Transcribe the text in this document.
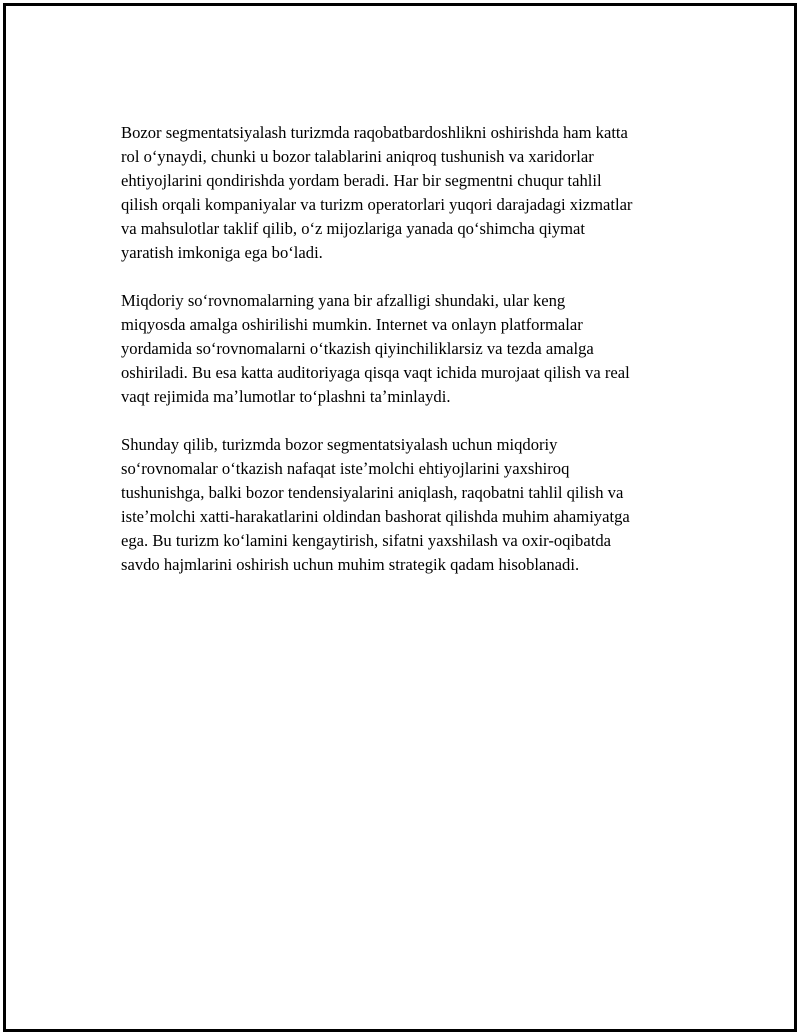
Bozor segmentatsiyalash turizmda raqobatbardoshlikni oshirishda ham katta
rol oʻynaydi, chunki u bozor talablarini aniqroq tushunish va xaridorlar
ehtiyojlarini qondirishda yordam beradi. Har bir segmentni chuqur tahlil
qilish orqali kompaniyalar va turizm operatorlari yuqori darajadagi xizmatlar
va mahsulotlar taklif qilib, oʻz mijozlariga yanada qoʻshimcha qiymat
yaratish imkoniga ega boʻladi.

Miqdoriy soʻrovnomalarning yana bir afzalligi shundaki, ular keng
miqyosda amalga oshirilishi mumkin. Internet va onlayn platformalar
yordamida soʻrovnomalarni oʻtkazish qiyinchiliklarsiz va tezda amalga
oshiriladi. Bu esa katta auditoriyaga qisqa vaqt ichida murojaat qilish va real
vaqt rejimida maʼlumotlar toʻplashni taʼminlaydi.

Shunday qilib, turizmda bozor segmentatsiyalash uchun miqdoriy
soʻrovnomalar oʻtkazish nafaqat isteʼmolchi ehtiyojlarini yaxshiroq
tushunishga, balki bozor tendensiyalarini aniqlash, raqobatni tahlil qilish va
isteʼmolchi xatti-harakatlarini oldindan bashorat qilishda muhim ahamiyatga
ega. Bu turizm koʻlamini kengaytirish, sifatni yaxshilash va oxir-oqibatda
savdo hajmlarini oshirish uchun muhim strategik qadam hisoblanadi.
